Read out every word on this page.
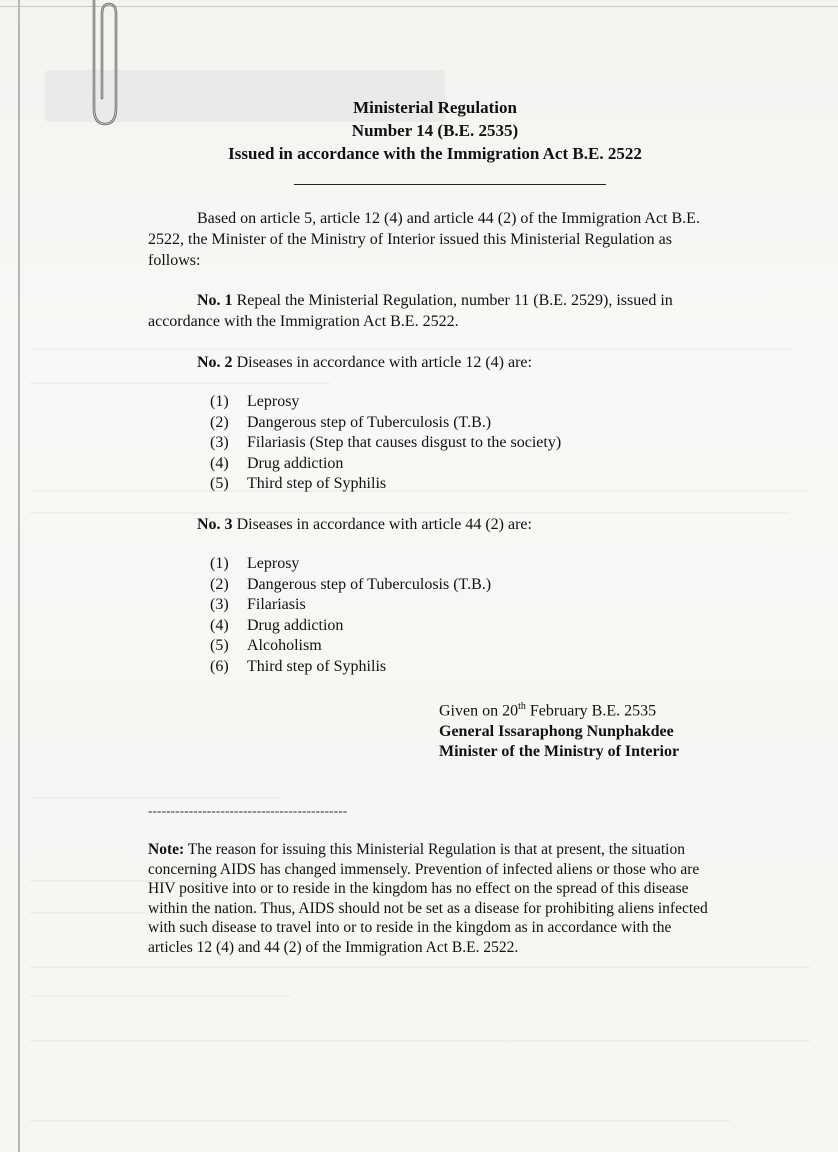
Ministerial Regulation
Number 14 (B.E. 2535)
Issued in accordance with the Immigration Act B.E. 2522
Based on article 5, article 12 (4) and article 44 (2) of the Immigration Act B.E. 2522, the Minister of the Ministry of Interior issued this Ministerial Regulation as follows:
No. 1 Repeal the Ministerial Regulation, number 11 (B.E. 2529), issued in accordance with the Immigration Act B.E. 2522.
No. 2 Diseases in accordance with article 12 (4) are:
(1)	Leprosy
(2)	Dangerous step of Tuberculosis (T.B.)
(3)	Filariasis (Step that causes disgust to the society)
(4)	Drug addiction
(5)	Third step of Syphilis
No. 3 Diseases in accordance with article 44 (2) are:
(1)	Leprosy
(2)	Dangerous step of Tuberculosis (T.B.)
(3)	Filariasis
(4)	Drug addiction
(5)	Alcoholism
(6)	Third step of Syphilis
Given on 20th February B.E. 2535
General Issaraphong Nunphakdee
Minister of the Ministry of Interior
--------------------------------------------
Note: The reason for issuing this Ministerial Regulation is that at present, the situation concerning AIDS has changed immensely. Prevention of infected aliens or those who are HIV positive into or to reside in the kingdom has no effect on the spread of this disease within the nation. Thus, AIDS should not be set as a disease for prohibiting aliens infected with such disease to travel into or to reside in the kingdom as in accordance with the articles 12 (4) and 44 (2) of the Immigration Act B.E. 2522.
